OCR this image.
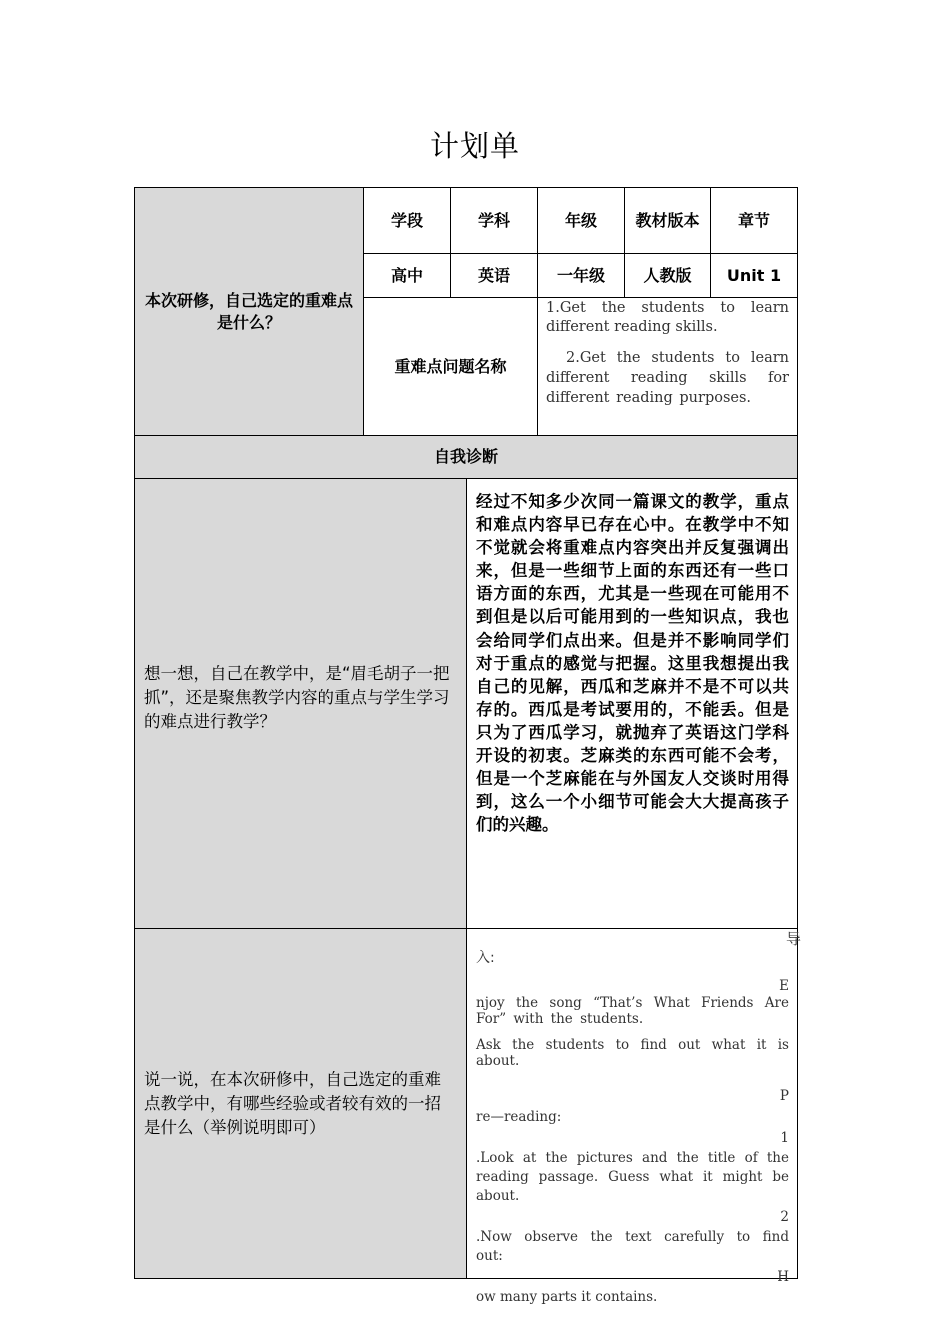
计划单
本次研修，自己选定的重难点是什么？
学段	学科	年级 教材版本 章节
高中	英语	一年级 人教版 Unit 1
重难点问题名称
1.Get the students to learn different reading skills.
2.Get the students to learn different reading skills for different reading purposes.
自我诊断
想一想，自己在教学中，是“眉毛胡子一把抓”，还是聚焦教学内容的重点与学生学习的难点进行教学？
经过不知多少次同一篇课文的教学，重点和难点内容早已存在心中。在教学中不知不觉就会将重难点内容突出并反复强调出来，但是一些细节上面的东西还有一些口语方面的东西，尤其是一些现在可能用不到但是以后可能用到的一些知识点，我也会给同学们点出来。但是并不影响同学们对于重点的感觉与把握。这里我想提出我自己的见解，西瓜和芝麻并不是不可以共存的。西瓜是考试要用的，不能丢。但是只为了西瓜学习，就抛弃了英语这门学科开设的初衷。芝麻类的东西可能不会考，但是一个芝麻能在与外国友人交谈时用得到，这么一个小细节可能会大大提高孩子们的兴趣。
说一说，在本次研修中，自己选定的重难点教学中，有哪些经验或者较有效的一招是什么（举例说明即可）
导
入:
E
njoy the song “That’s What Friends Are For” with the students.
Ask the students to find out what it is about.
P
re—reading:
1
.Look at the pictures and the title of the reading passage. Guess what it might be about.
2
.Now observe the text carefully to find out:
H
ow many parts it contains.
